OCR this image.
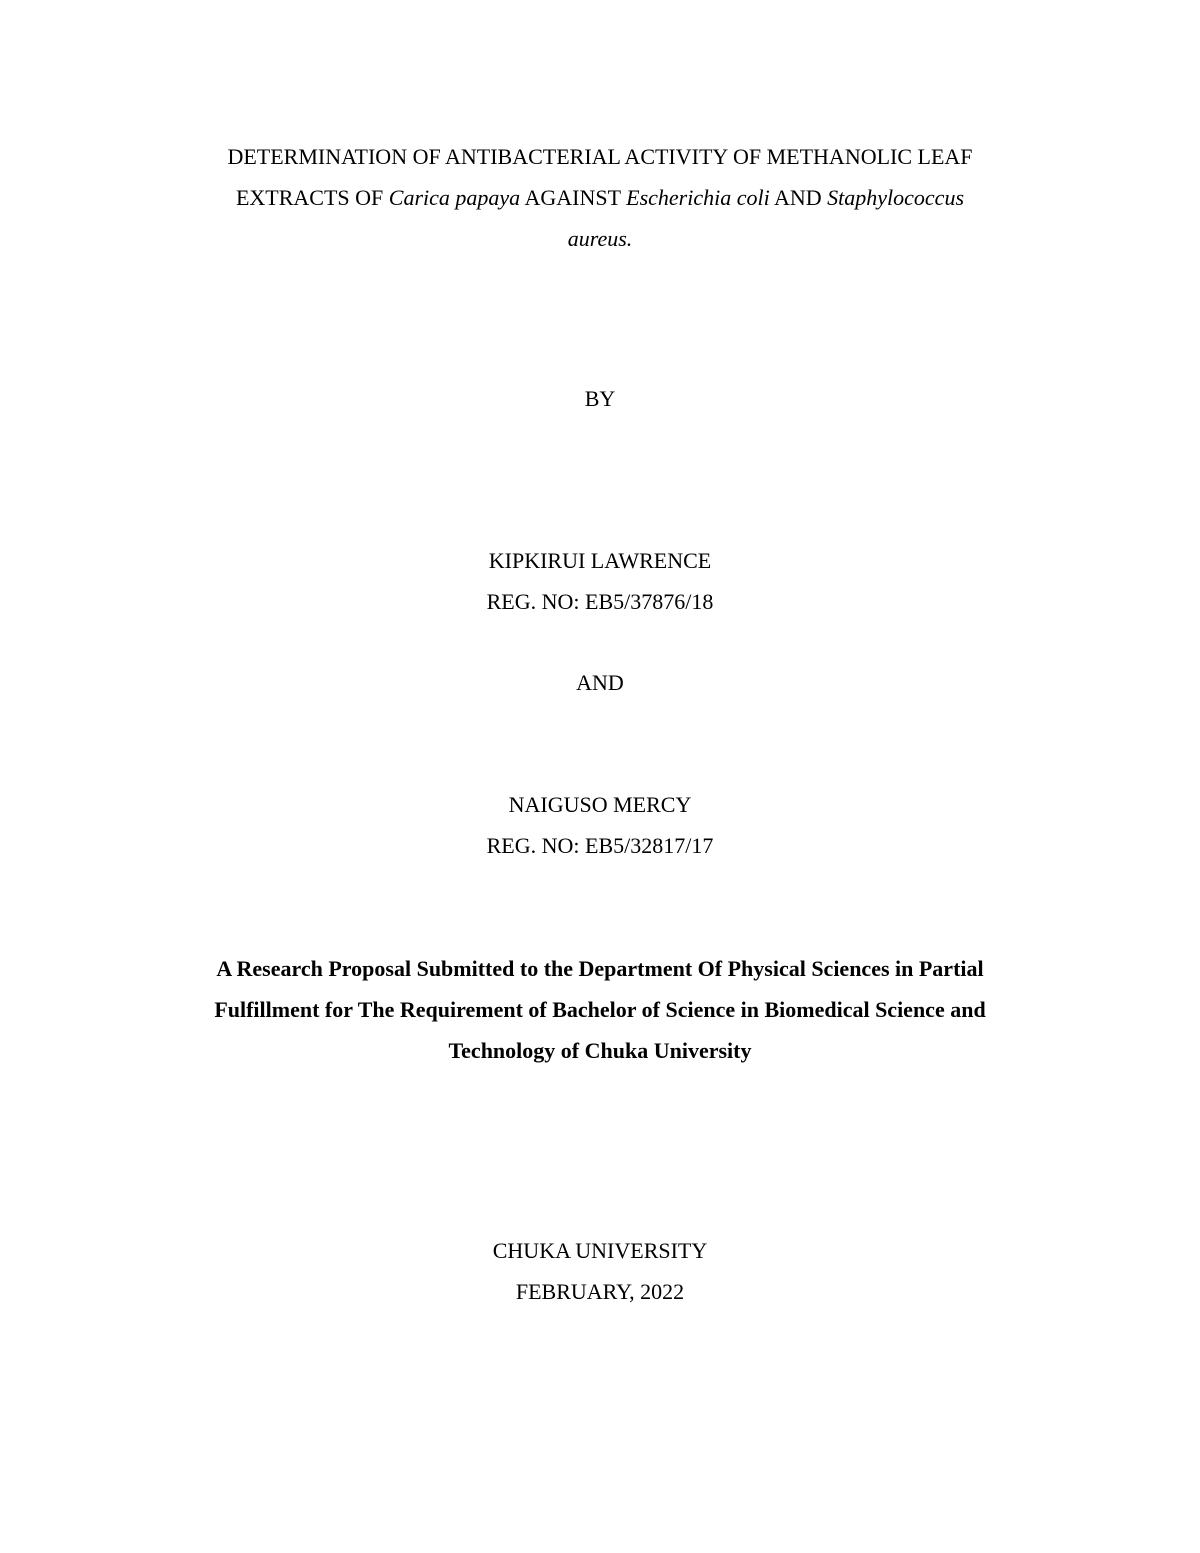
DETERMINATION OF ANTIBACTERIAL ACTIVITY OF METHANOLIC LEAF
EXTRACTS OF Carica papaya AGAINST Escherichia coli AND Staphylococcus
aureus.
BY
KIPKIRUI LAWRENCE
REG. NO: EB5/37876/18
AND
NAIGUSO MERCY
REG. NO: EB5/32817/17
A Research Proposal Submitted to the Department Of Physical Sciences in Partial
Fulfillment for The Requirement of Bachelor of Science in Biomedical Science and
Technology of Chuka University
CHUKA UNIVERSITY
FEBRUARY, 2022
